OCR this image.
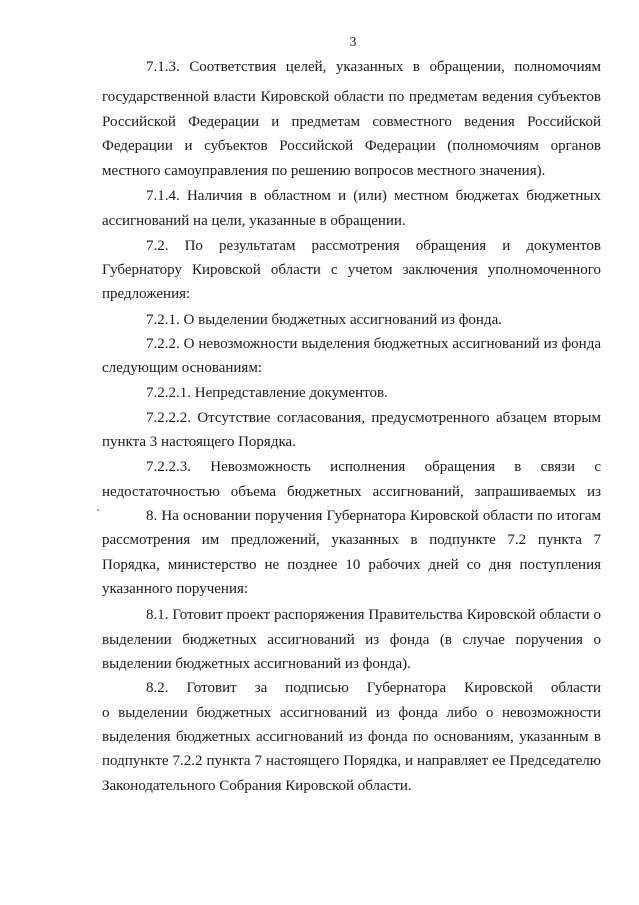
3
7.1.3. Соответствия целей, указанных в обращении, полномочиям
государственной власти Кировской области по предметам ведения субъектов
Российской Федерации и предметам совместного ведения Российской
Федерации и субъектов Российской Федерации (полномочиям органов
местного самоуправления по решению вопросов местного значения).
7.1.4. Наличия в областном и (или) местном бюджетах бюджетных
ассигнований на цели, указанные в обращении.
7.2. По результатам рассмотрения обращения и документов
Губернатору Кировской области с учетом заключения уполномоченного
предложения:
7.2.1. О выделении бюджетных ассигнований из фонда.
7.2.2. О невозможности выделения бюджетных ассигнований из фонда
следующим основаниям:
7.2.2.1. Непредставление документов.
7.2.2.2. Отсутствие согласования, предусмотренного абзацем вторым
пункта 3 настоящего Порядка.
7.2.2.3. Невозможность исполнения обращения в связи с
недостаточностью объема бюджетных ассигнований, запрашиваемых из
8. На основании поручения Губернатора Кировской области по итогам
рассмотрения им предложений, указанных в подпункте 7.2 пункта 7
Порядка, министерство не позднее 10 рабочих дней со дня поступления
указанного поручения:
8.1. Готовит проект распоряжения Правительства Кировской области о
выделении бюджетных ассигнований из фонда (в случае поручения о
выделении бюджетных ассигнований из фонда).
8.2. Готовит за подписью Губернатора Кировской области
о выделении бюджетных ассигнований из фонда либо о невозможности
выделения бюджетных ассигнований из фонда по основаниям, указанным в
подпункте 7.2.2 пункта 7 настоящего Порядка, и направляет ее Председателю
Законодательного Собрания Кировской области.
